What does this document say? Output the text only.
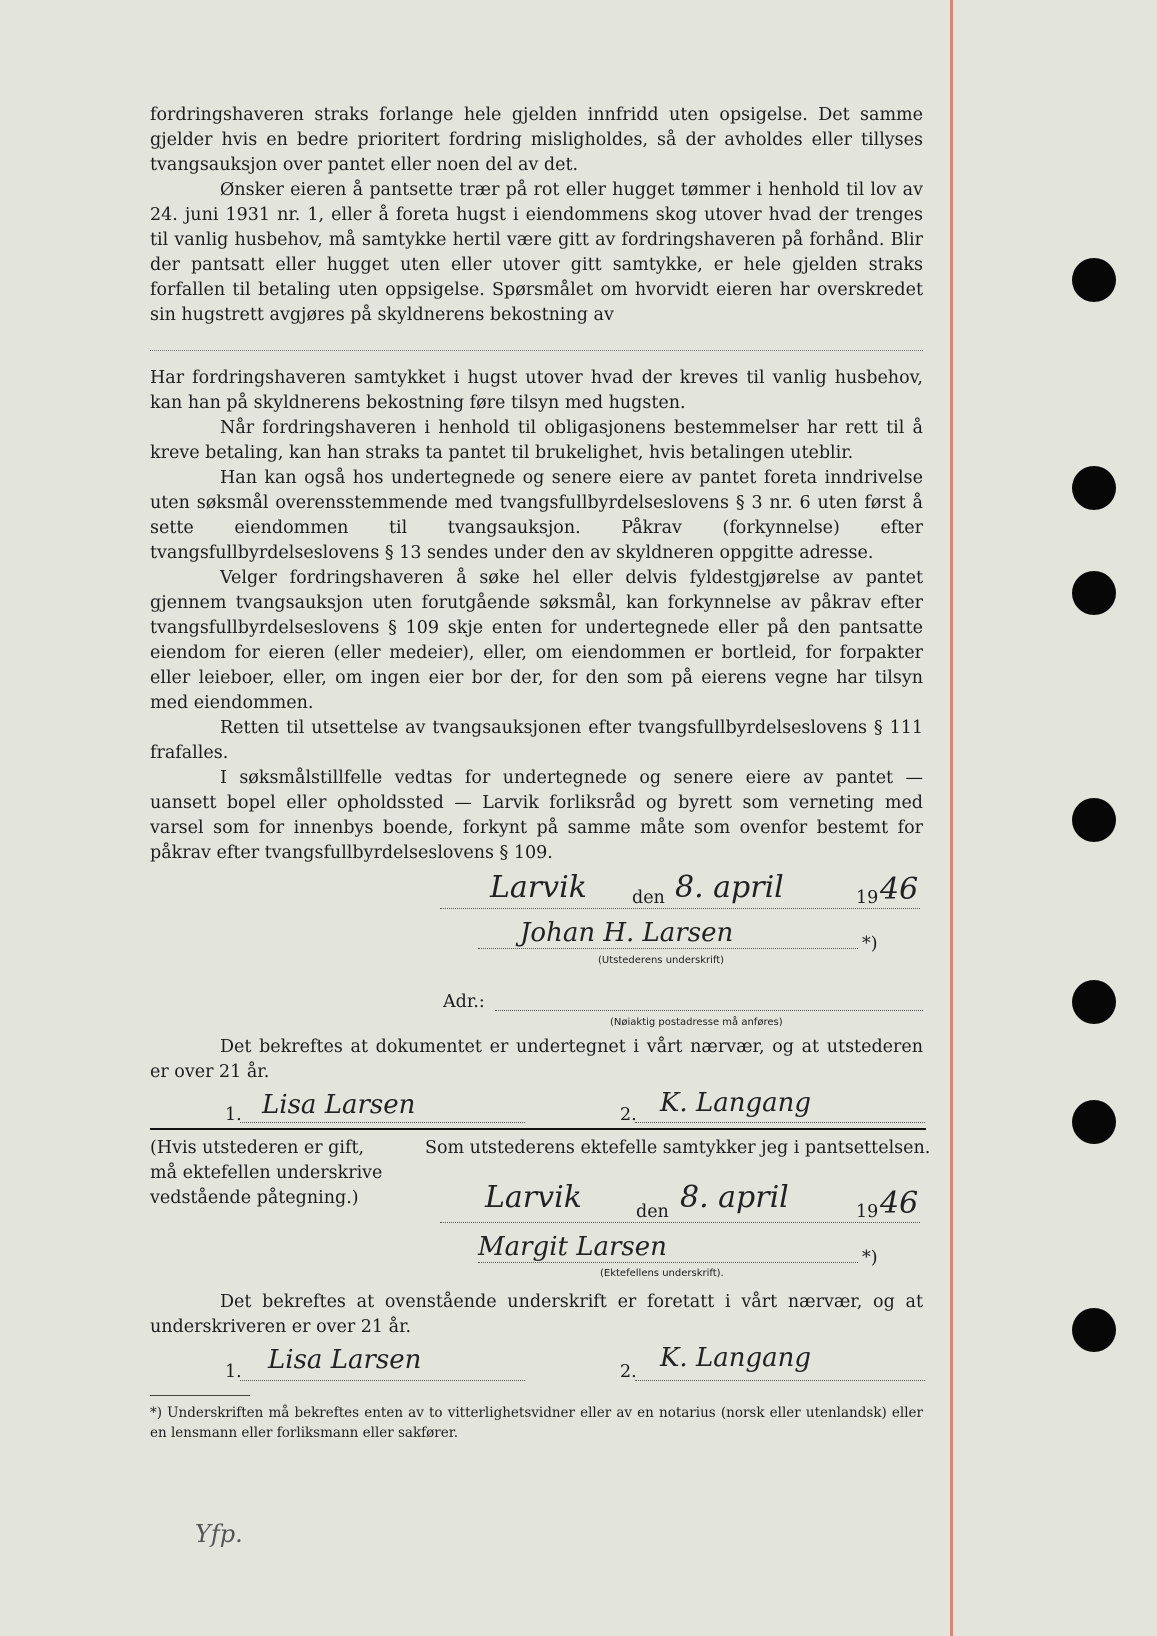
fordringshaveren straks forlange hele gjelden innfridd uten opsigelse. Det samme gjelder hvis en bedre prioritert fordring misligholdes, så der avholdes eller tillyses tvangsauksjon over pantet eller noen del av det.

Ønsker eieren å pantsette trær på rot eller hugget tømmer i henhold til lov av 24. juni 1931 nr. 1, eller å foreta hugst i eiendommens skog utover hvad der trenges til vanlig husbehov, må samtykke hertil være gitt av fordringshaveren på forhånd. Blir der pantsatt eller hugget uten eller utover gitt samtykke, er hele gjelden straks forfallen til betaling uten oppsigelse. Spørsmålet om hvorvidt eieren har overskredet sin hugstrett avgjøres på skyldnerens bekostning av

Har fordringshaveren samtykket i hugst utover hvad der kreves til vanlig husbehov, kan han på skyldnerens bekostning føre tilsyn med hugsten.

Når fordringshaveren i henhold til obligasjonens bestemmelser har rett til å kreve betaling, kan han straks ta pantet til brukelighet, hvis betalingen uteblir.

Han kan også hos undertegnede og senere eiere av pantet foreta inndrivelse uten søksmål overensstemmende med tvangsfullbyrdelseslovens § 3 nr. 6 uten først å sette eiendommen til tvangsauksjon. Påkrav (forkynnelse) efter tvangsfullbyrdelseslovens § 13 sendes under den av skyldneren oppgitte adresse.

Velger fordringshaveren å søke hel eller delvis fyldestgjørelse av pantet gjennem tvangsauksjon uten forutgående søksmål, kan forkynnelse av påkrav efter tvangsfullbyrdelseslovens § 109 skje enten for undertegnede eller på den pantsatte eiendom for eieren (eller medeier), eller, om eiendommen er bortleid, for forpakter eller leieboer, eller, om ingen eier bor der, for den som på eierens vegne har tilsyn med eiendommen.

Retten til utsettelse av tvangsauksjonen efter tvangsfullbyrdelseslovens § 111 frafalles.

I søksmålstillfelle vedtas for undertegnede og senere eiere av pantet — uansett bopel eller opholdssted — Larvik forliksråd og byrett som verneting med varsel som for innenbys boende, forkynt på samme måte som ovenfor bestemt for påkrav efter tvangsfullbyrdelseslovens § 109.

Larvik	den 8. april	19 46
Johan H. Larsen	*)
(Utstederens underskrift)
Adr.:
(Nøiaktig postadresse må anføres)

Det bekreftes at dokumentet er undertegnet i vårt nærvær, og at utstederen er over 21 år.

1. Lisa Larsen	2. K. Langang
(Hvis utstederen er gift, må ektefellen underskrive vedstående påtegning.)
Som utstederens ektefelle samtykker jeg i pantsettelsen.
Larvik	den 8. april	19 46
Margit Larsen	*)
(Ektefellens underskrift).

Det bekreftes at ovenstående underskrift er foretatt i vårt nærvær, og at underskriveren er over 21 år.

1. Lisa Larsen	2. K. Langang
*) Underskriften må bekreftes enten av to vitterlighetsvidner eller av en notarius (norsk eller utenlandsk) eller en lensmann eller forliksmann eller sakfører.
Yfp.
